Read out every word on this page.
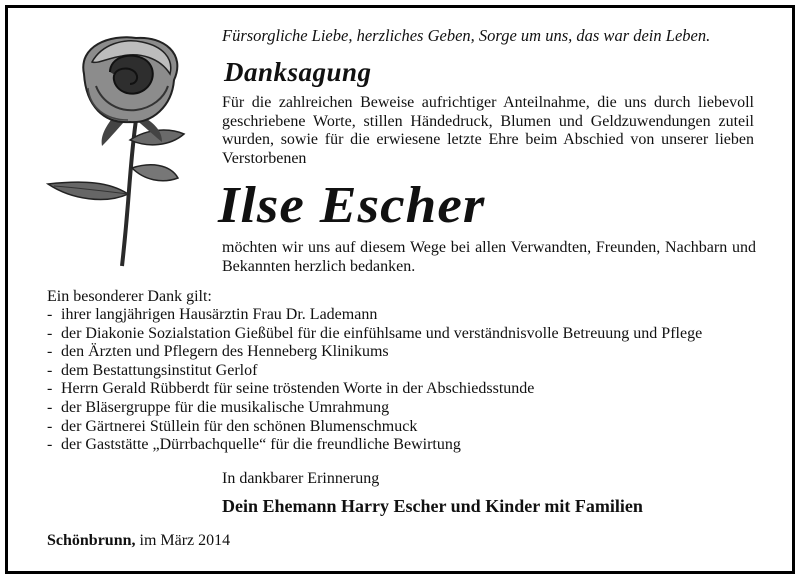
Fürsorgliche Liebe, herzliches Geben, Sorge um uns, das war dein Leben.
Danksagung
Für die zahlreichen Beweise aufrichtiger Anteilnahme, die uns durch liebevoll geschriebene Worte, stillen Händedruck, Blumen und Geldzuwendungen zuteil wurden, sowie für die erwiesene letzte Ehre beim Abschied von unserer lieben Verstorbenen
Ilse Escher
möchten wir uns auf diesem Wege bei allen Verwandten, Freunden, Nachbarn und Bekannten herzlich bedanken.
Ein besonderer Dank gilt:
- ihrer langjährigen Hausärztin Frau Dr. Lademann
- der Diakonie Sozialstation Gießübel für die einfühlsame und verständnisvolle Betreuung und Pflege
- den Ärzten und Pflegern des Henneberg Klinikums
- dem Bestattungsinstitut Gerlof
- Herrn Gerald Rübberdt für seine tröstenden Worte in der Abschiedsstunde
- der Bläsergruppe für die musikalische Umrahmung
- der Gärtnerei Stüllein für den schönen Blumenschmuck
- der Gaststätte „Dürrbachquelle“ für die freundliche Bewirtung
In dankbarer Erinnerung
Dein Ehemann Harry Escher und Kinder mit Familien
Schönbrunn, im März 2014
